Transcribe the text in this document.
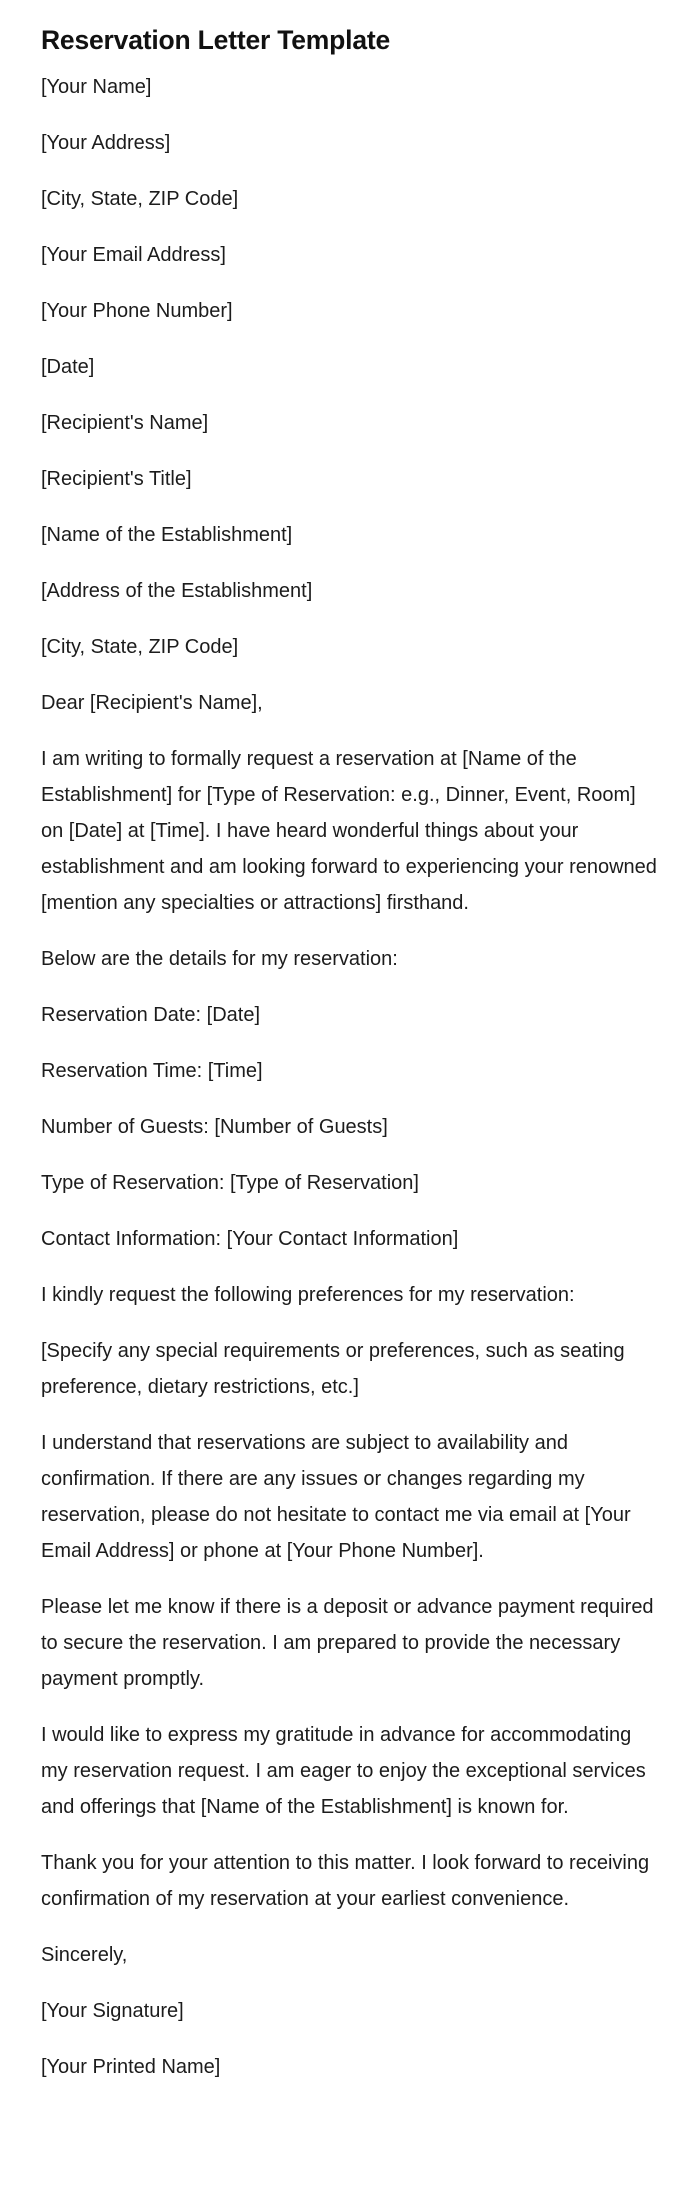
Reservation Letter Template

[Your Name]

[Your Address]

[City, State, ZIP Code]

[Your Email Address]

[Your Phone Number]

[Date]

[Recipient's Name]

[Recipient's Title]

[Name of the Establishment]

[Address of the Establishment]

[City, State, ZIP Code]

Dear [Recipient's Name],

I am writing to formally request a reservation at [Name of the Establishment] for [Type of Reservation: e.g., Dinner, Event, Room] on [Date] at [Time]. I have heard wonderful things about your establishment and am looking forward to experiencing your renowned [mention any specialties or attractions] firsthand.

Below are the details for my reservation:

Reservation Date: [Date]

Reservation Time: [Time]

Number of Guests: [Number of Guests]

Type of Reservation: [Type of Reservation]

Contact Information: [Your Contact Information]

I kindly request the following preferences for my reservation:

[Specify any special requirements or preferences, such as seating preference, dietary restrictions, etc.]

I understand that reservations are subject to availability and confirmation. If there are any issues or changes regarding my reservation, please do not hesitate to contact me via email at [Your Email Address] or phone at [Your Phone Number].

Please let me know if there is a deposit or advance payment required to secure the reservation. I am prepared to provide the necessary payment promptly.

I would like to express my gratitude in advance for accommodating my reservation request. I am eager to enjoy the exceptional services and offerings that [Name of the Establishment] is known for.

Thank you for your attention to this matter. I look forward to receiving confirmation of my reservation at your earliest convenience.

Sincerely,

[Your Signature]

[Your Printed Name]
